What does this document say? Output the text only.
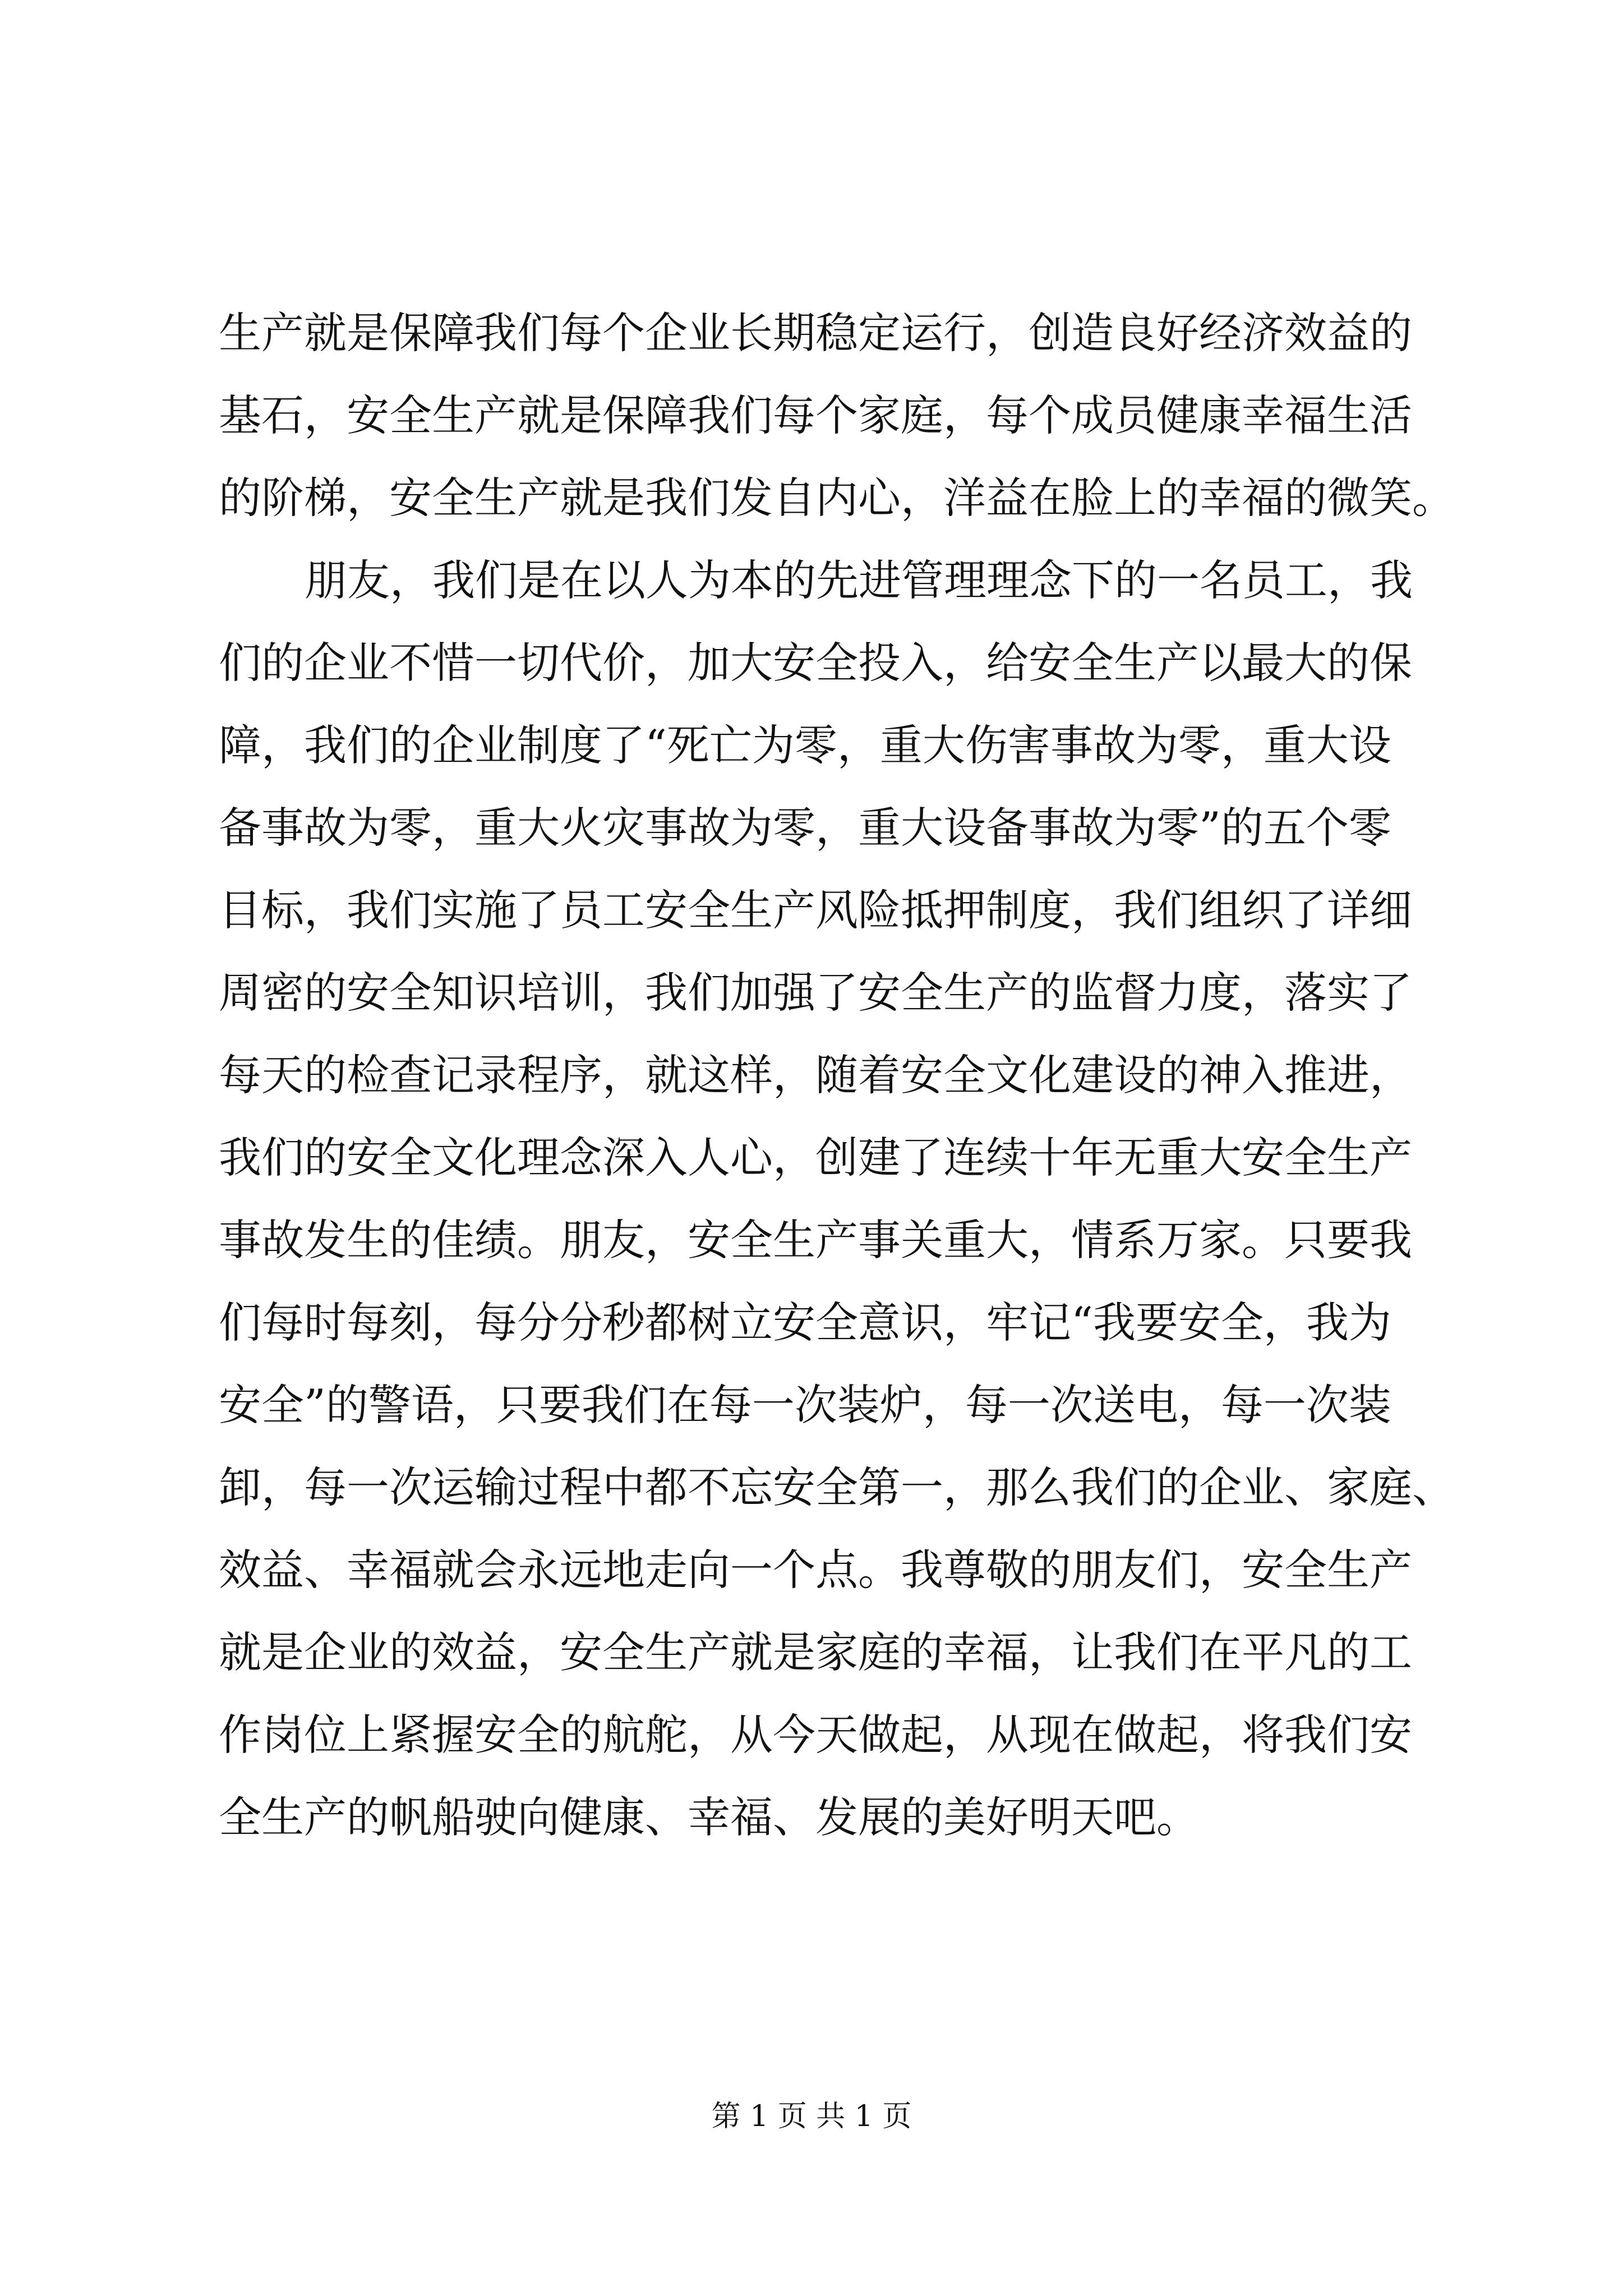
生产就是保障我们每个企业长期稳定运行，创造良好经济效益的
基石，安全生产就是保障我们每个家庭，每个成员健康幸福生活
的阶梯，安全生产就是我们发自内心，洋益在脸上的幸福的微笑。
朋友，我们是在以人为本的先进管理理念下的一名员工，我
们的企业不惜一切代价，加大安全投入，给安全生产以最大的保
障，我们的企业制度了“死亡为零，重大伤害事故为零，重大设
备事故为零，重大火灾事故为零，重大设备事故为零”的五个零
目标，我们实施了员工安全生产风险抵押制度，我们组织了详细
周密的安全知识培训，我们加强了安全生产的监督力度，落实了
每天的检查记录程序，就这样，随着安全文化建设的神入推进，
我们的安全文化理念深入人心，创建了连续十年无重大安全生产
事故发生的佳绩。朋友，安全生产事关重大，情系万家。只要我
们每时每刻，每分分秒都树立安全意识，牢记“我要安全，我为
安全”的警语，只要我们在每一次装炉，每一次送电，每一次装
卸，每一次运输过程中都不忘安全第一，那么我们的企业、家庭、
效益、幸福就会永远地走向一个点。我尊敬的朋友们，安全生产
就是企业的效益，安全生产就是家庭的幸福，让我们在平凡的工
作岗位上紧握安全的航舵，从今天做起，从现在做起，将我们安
全生产的帆船驶向健康、幸福、发展的美好明天吧。
第 1 页 共 1 页
